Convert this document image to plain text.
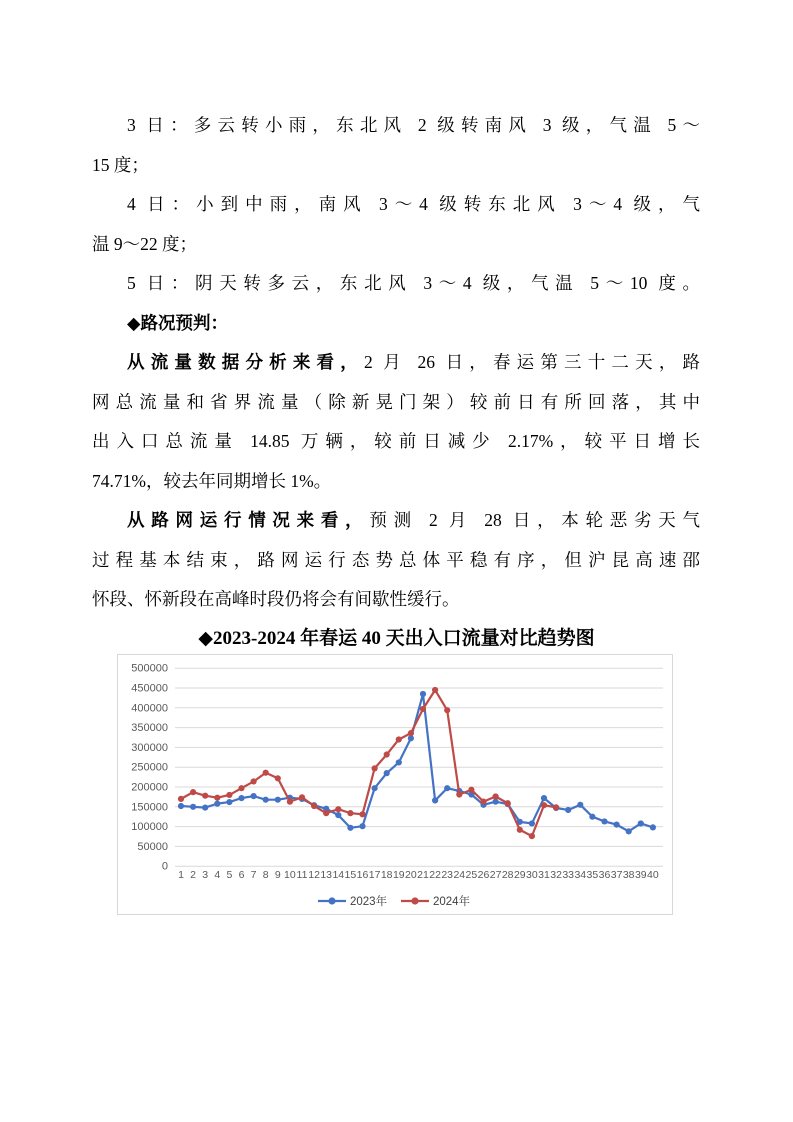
3 日：多云转小雨，东北风 2 级转南风 3 级，气温 5～
15 度；
4 日：小到中雨，南风 3～4 级转东北风 3～4 级，气
温 9～22 度；
5 日：阴天转多云，东北风 3～4 级，气温 5～10 度。
◆路况预判：
从流量数据分析来看，2 月 26 日，春运第三十二天，路
网总流量和省界流量（除新晃门架）较前日有所回落，其中
出入口总流量 14.85 万辆，较前日减少 2.17%，较平日增长
74.71%，较去年同期增长 1%。
从路网运行情况来看，预测 2 月 28 日，本轮恶劣天气
过程基本结束，路网运行态势总体平稳有序，但沪昆高速邵
怀段、怀新段在高峰时段仍将会有间歇性缓行。
◆2023-2024 年春运 40 天出入口流量对比趋势图
0
50000
100000
150000
200000
250000
300000
350000
400000
450000
500000
1 2 3 4 5 6 7 8 9 10 11 12 13 14 15 16 17 18 19 20 21 22 23 24 25 26 27 28 29 30 31 32 33 34 35 36 37 38 39 40
2023年	2024年
